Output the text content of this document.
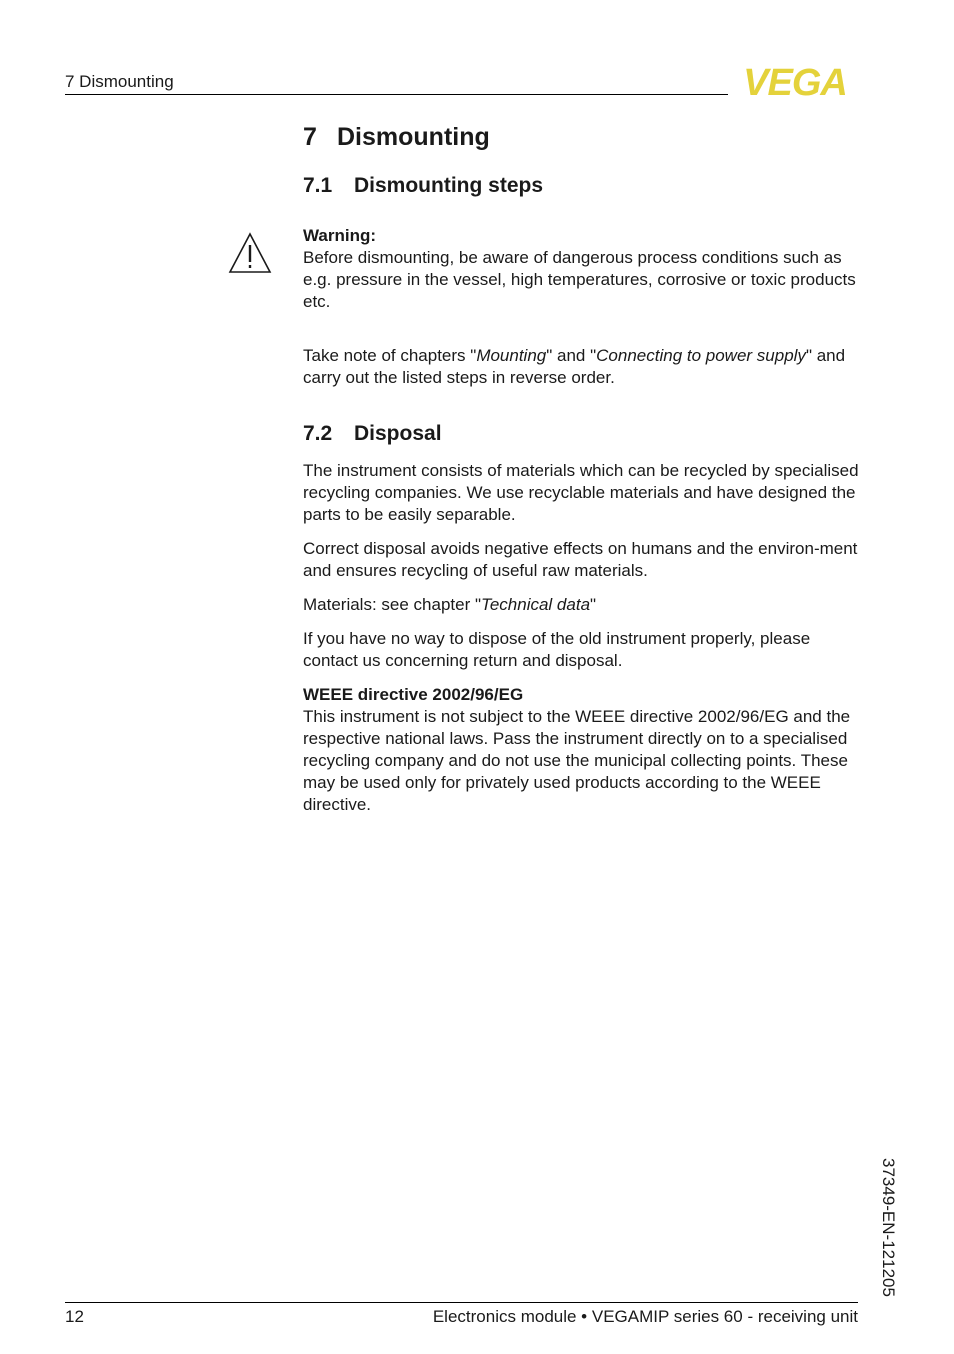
7 Dismounting	VEGA
7 Dismounting
7.1 Dismounting steps

Warning:

Before dismounting, be aware of dangerous process conditions such as e.g. pressure in the vessel, high temperatures, corrosive or toxic products etc.

Take note of chapters "Mounting" and "Connecting to power supply" and carry out the listed steps in reverse order.

7.2 Disposal

The instrument consists of materials which can be recycled by specialised recycling companies. We use recyclable materials and have designed the parts to be easily separable.

Correct disposal avoids negative effects on humans and the environ-ment and ensures recycling of useful raw materials.

Materials: see chapter "Technical data"

If you have no way to dispose of the old instrument properly, please contact us concerning return and disposal.

WEEE directive 2002/96/EG

This instrument is not subject to the WEEE directive 2002/96/EG and the respective national laws. Pass the instrument directly on to a specialised recycling company and do not use the municipal collecting points. These may be used only for privately used products according to the WEEE directive.

37349-EN-121205
12	Electronics module • VEGAMIP series 60 - receiving unit
